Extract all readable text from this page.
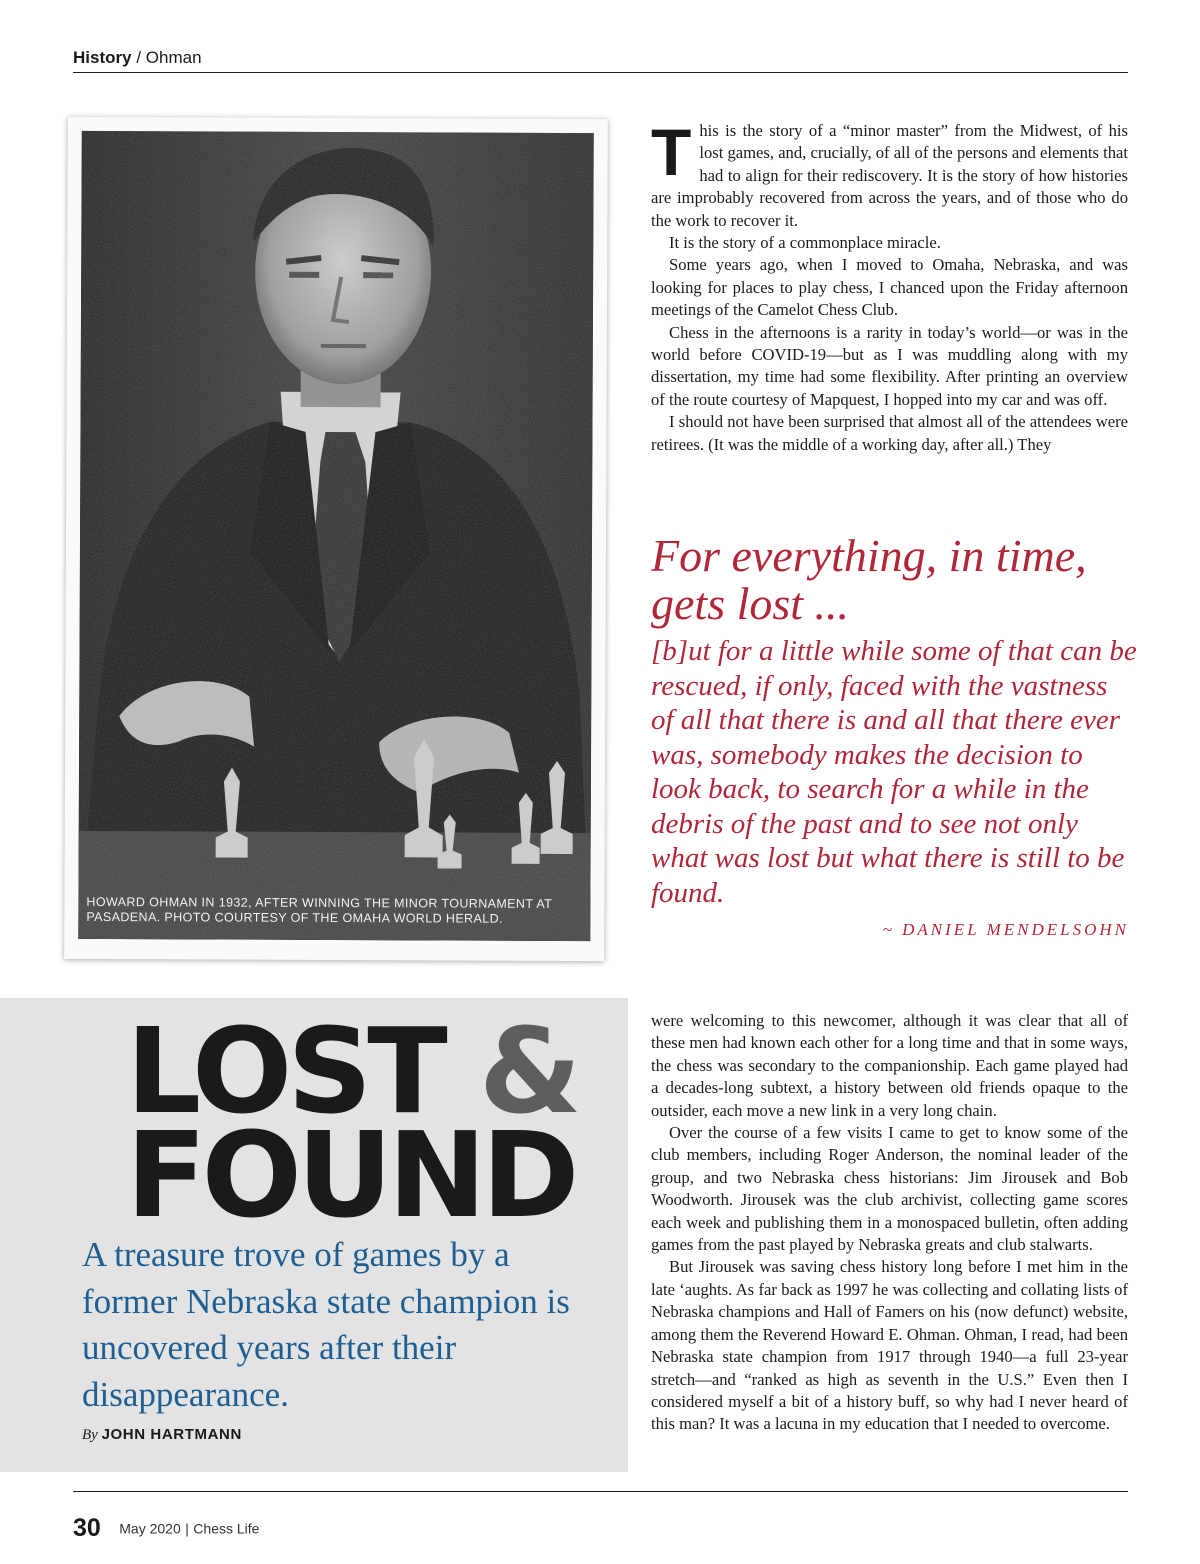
History / Ohman
HOWARD OHMAN IN 1932, AFTER WINNING THE MINOR TOURNAMENT AT PASADENA. PHOTO COURTESY OF THE OMAHA WORLD HERALD.

This is the story of a “minor master” from the Midwest, of his lost games, and, crucially, of all of the persons and elements that had to align for their rediscovery. It is the story of how histories are improbably recovered from across the years, and of those who do the work to recover it.

It is the story of a commonplace miracle.

Some years ago, when I moved to Omaha, Nebraska, and was looking for places to play chess, I chanced upon the Friday afternoon meetings of the Camelot Chess Club.

Chess in the afternoons is a rarity in today’s world—or was in the world before COVID-19—but as I was muddling along with my dissertation, my time had some flexibility. After printing an overview of the route courtesy of Mapquest, I hopped into my car and was off.

I should not have been surprised that almost all of the attendees were retirees. (It was the middle of a working day, after all.) They

For everything, in time, gets lost ...

[b]ut for a little while some of that can be rescued, if only, faced with the vastness of all that there is and all that there ever was, somebody makes the decision to look back, to search for a while in the debris of the past and to see not only what was lost but what there is still to be found.

~ DANIEL MENDELSOHN
LOST &
FOUND
A treasure trove of games by a former Nebraska state champion is uncovered years after their disappearance.
By JOHN HARTMANN

were welcoming to this newcomer, although it was clear that all of these men had known each other for a long time and that in some ways, the chess was secondary to the companionship. Each game played had a decades-long subtext, a history between old friends opaque to the outsider, each move a new link in a very long chain.

Over the course of a few visits I came to get to know some of the club members, including Roger Anderson, the nominal leader of the group, and two Nebraska chess historians: Jim Jirousek and Bob Woodworth. Jirousek was the club archivist, collecting game scores each week and publishing them in a monospaced bulletin, often adding games from the past played by Nebraska greats and club stalwarts.

But Jirousek was saving chess history long before I met him in the late ‘aughts. As far back as 1997 he was collecting and collating lists of Nebraska champions and Hall of Famers on his (now defunct) website, among them the Reverend Howard E. Ohman. Ohman, I read, had been Nebraska state champion from 1917 through 1940—a full 23-year stretch—and “ranked as high as seventh in the U.S.” Even then I considered myself a bit of a history buff, so why had I never heard of this man? It was a lacuna in my education that I needed to overcome.

30 May 2020 | Chess Life
